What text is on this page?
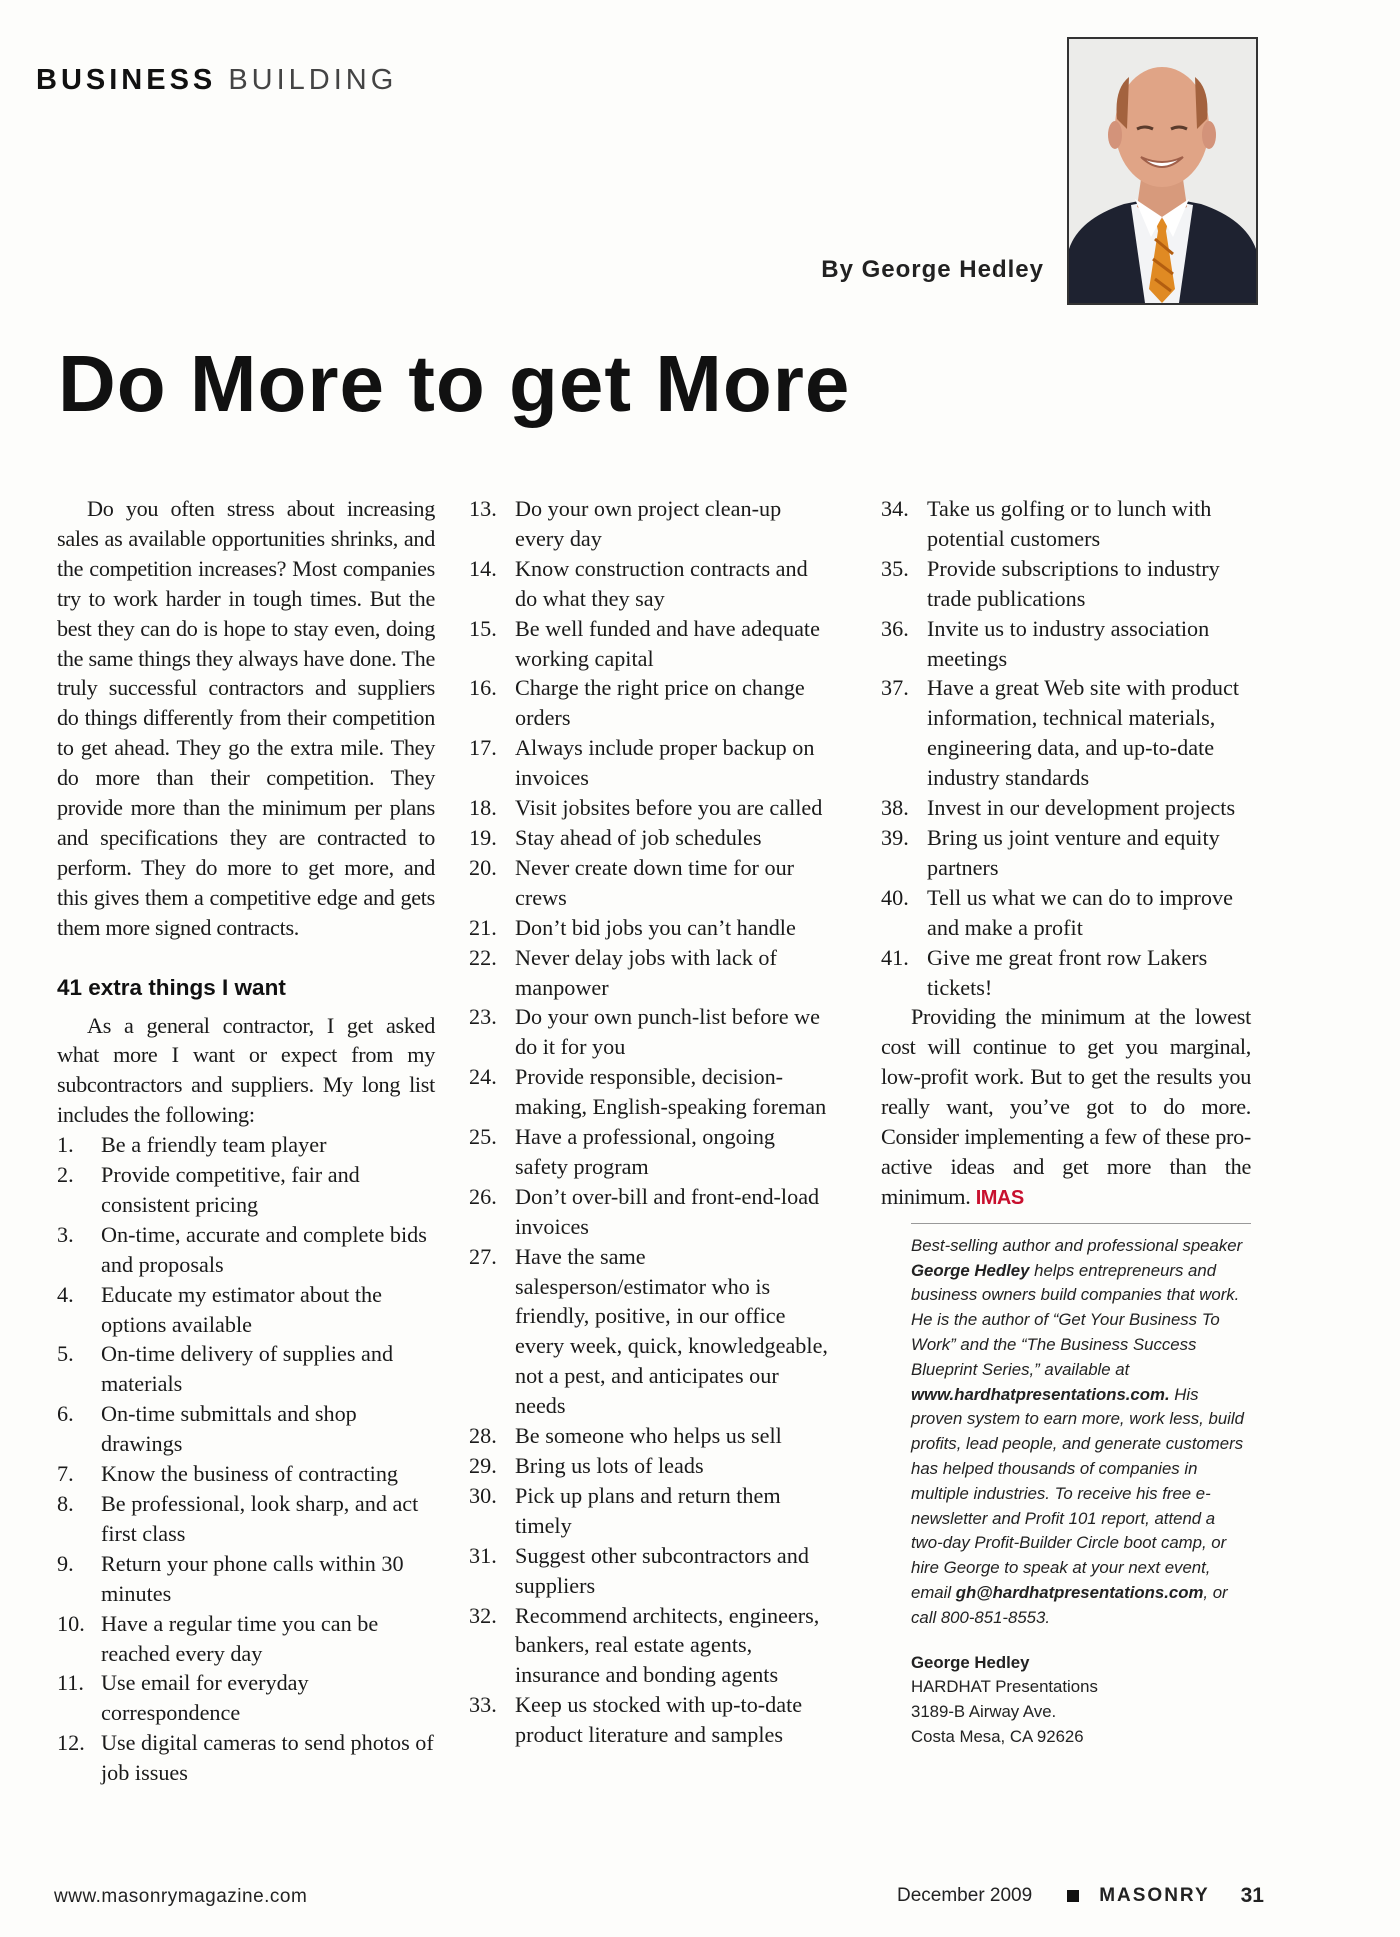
BUSINESS BUILDING
By George Hedley
Do More to get More

Do you often stress about increasing sales as available opportunities shrinks, and the competition increases? Most companies try to work harder in tough times. But the best they can do is hope to stay even, doing the same things they always have done. The truly successful contractors and suppliers do things differently from their competition to get ahead. They go the extra mile. They do more than their competition. They provide more than the minimum per plans and specifications they are contracted to perform. They do more to get more, and this gives them a competitive edge and gets them more signed contracts.

41 extra things I want

As a general contractor, I get asked what more I want or expect from my subcontractors and suppliers. My long list includes the following:

1. Be a friendly team player
2. Provide competitive, fair and consistent pricing
3. On-time, accurate and complete bids and proposals
4. Educate my estimator about the options available
5. On-time delivery of supplies and materials
6. On-time submittals and shop drawings
7. Know the business of contracting
8. Be professional, look sharp, and act first class
9. Return your phone calls within 30 minutes
10. Have a regular time you can be reached every day
11. Use email for everyday correspondence
12. Use digital cameras to send photos of job issues
13. Do your own project clean-up every day
14. Know construction contracts and do what they say
15. Be well funded and have adequate working capital
16. Charge the right price on change orders
17. Always include proper backup on invoices
18. Visit jobsites before you are called
19. Stay ahead of job schedules
20. Never create down time for our crews
21. Don’t bid jobs you can’t handle
22. Never delay jobs with lack of manpower
23. Do your own punch-list before we do it for you
24. Provide responsible, decision-making, English-speaking foreman
25. Have a professional, ongoing safety program
26. Don’t over-bill and front-end-load invoices
27. Have the same salesperson/estimator who is friendly, positive, in our office every week, quick, knowledgeable, not a pest, and anticipates our needs
28. Be someone who helps us sell
29. Bring us lots of leads
30. Pick up plans and return them timely
31. Suggest other subcontractors and suppliers
32. Recommend architects, engineers, bankers, real estate agents, insurance and bonding agents
33. Keep us stocked with up-to-date product literature and samples
34. Take us golfing or to lunch with potential customers
35. Provide subscriptions to industry trade publications
36. Invite us to industry association meetings
37. Have a great Web site with product information, technical materials, engineering data, and up-to-date industry standards
38. Invest in our development projects
39. Bring us joint venture and equity partners
40. Tell us what we can do to improve and make a profit
41. Give me great front row Lakers tickets!

Providing the minimum at the lowest cost will continue to get you marginal, low-profit work. But to get the results you really want, you’ve got to do more. Consider implementing a few of these pro-active ideas and get more than the minimum. IMAS

Best-selling author and professional speaker George Hedley helps entrepreneurs and business owners build companies that work. He is the author of “Get Your Business To Work” and the “The Business Success Blueprint Series,” available at www.hardhatpresentations.com. His proven system to earn more, work less, build profits, lead people, and generate customers has helped thousands of companies in multiple industries. To receive his free e-newsletter and Profit 101 report, attend a two-day Profit-Builder Circle boot camp, or hire George to speak at your next event, email gh@hardhatpresentations.com, or call 800-851-8553.
George Hedley
HARDHAT Presentations
3189-B Airway Ave.
Costa Mesa, CA 92626
www.masonrymagazine.com	December 2009	MASONRY 31
